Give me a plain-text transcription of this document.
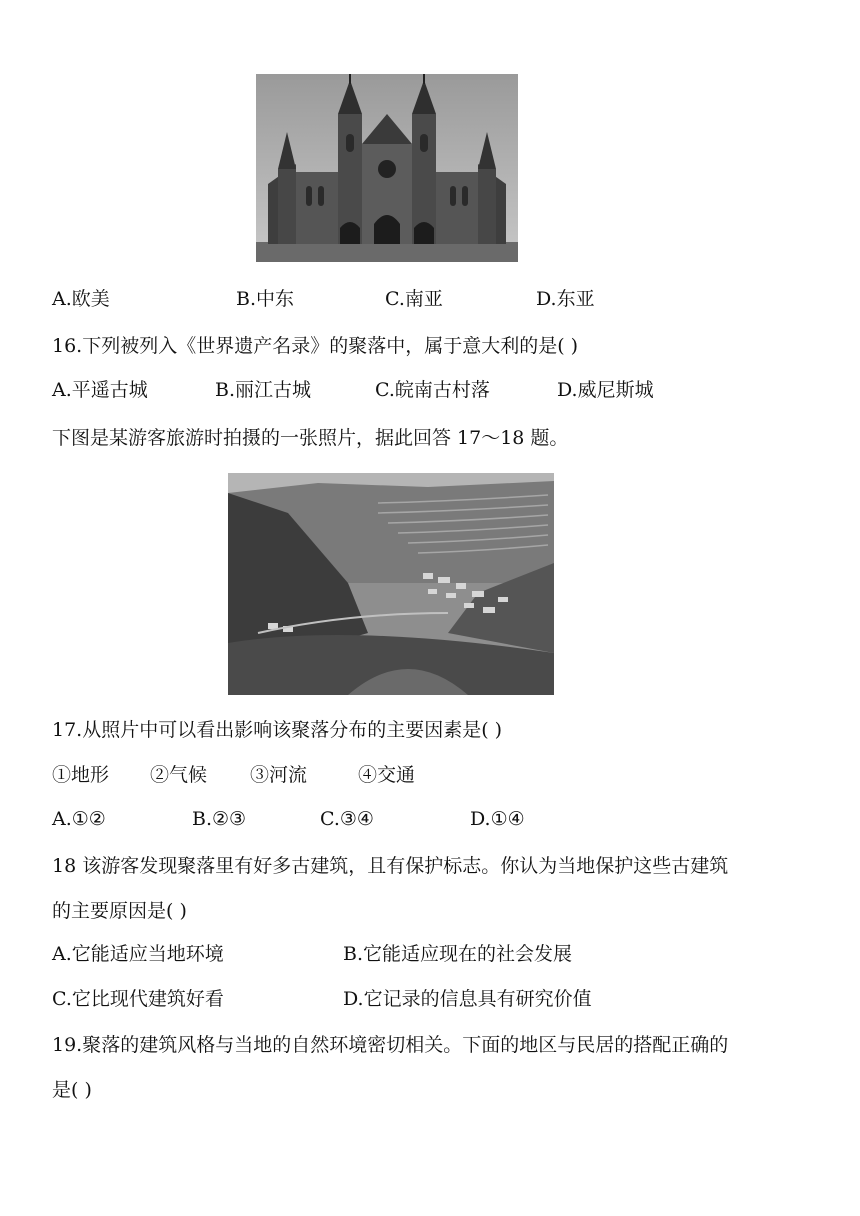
A.欧美	B.中东	C.南亚	D.东亚
16.下列被列入《世界遗产名录》的聚落中，属于意大利的是( )
A.平遥古城	B.丽江古城	C.皖南古村落	D.威尼斯城
下图是某游客旅游时拍摄的一张照片，据此回答 17～18 题。
17.从照片中可以看出影响该聚落分布的主要因素是( )
①地形 ②气候 ③河流	④交通
A.①②	B.②③	C.③④	D.①④
18 该游客发现聚落里有好多古建筑，且有保护标志。你认为当地保护这些古建筑
的主要原因是( )
A.它能适应当地环境	B.它能适应现在的社会发展
C.它比现代建筑好看	D.它记录的信息具有研究价值
19.聚落的建筑风格与当地的自然环境密切相关。下面的地区与民居的搭配正确的
是( )
